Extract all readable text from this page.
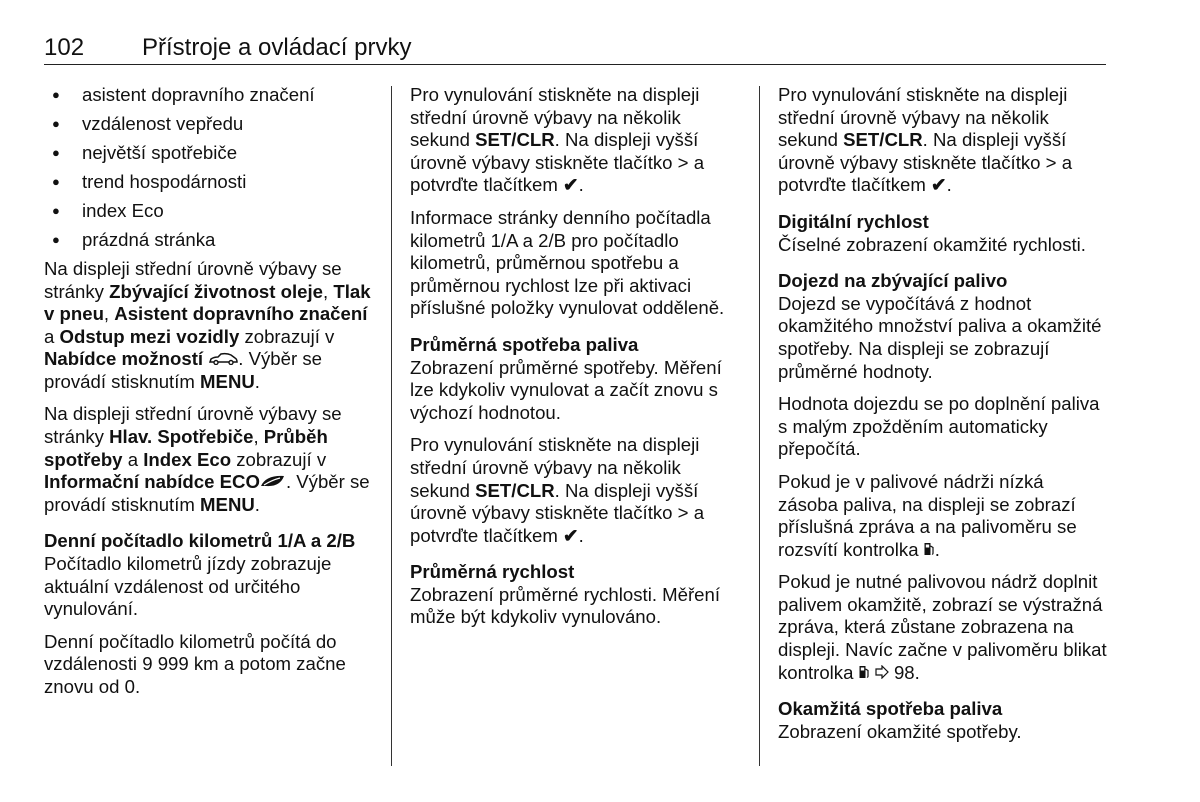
102 Přístroje a ovládací prvky
● asistent dopravního značení
● vzdálenost vepředu
● největší spotřebiče
● trend hospodárnosti
● index Eco
● prázdná stránka

Na displeji střední úrovně výbavy se stránky Zbývající životnost oleje, Tlak v pneu, Asistent dopravního značení a Odstup mezi vozidly zobrazují v Nabídce možností . Výběr se provádí stisknutím MENU.

Na displeji střední úrovně výbavy se stránky Hlav. Spotřebiče, Průběh spotřeby a Index Eco zobrazují v Informační nabídce ECO . Výběr se provádí stisknutím MENU.

Denní počítadlo kilometrů 1/A a 2/B

Počítadlo kilometrů jízdy zobrazuje aktuální vzdálenost od určitého vynulování.

Denní počítadlo kilometrů počítá do vzdálenosti 9 999 km a potom začne znovu od 0.

Pro vynulování stiskněte na displeji střední úrovně výbavy na několik sekund SET/CLR. Na displeji vyšší úrovně výbavy stiskněte tlačítko > a potvrďte tlačítkem ✔.

Informace stránky denního počítadla kilometrů 1/A a 2/B pro počítadlo kilometrů, průměrnou spotřebu a průměrnou rychlost lze při aktivaci příslušné položky vynulovat odděleně.

Průměrná spotřeba paliva

Zobrazení průměrné spotřeby. Měření lze kdykoliv vynulovat a začít znovu s výchozí hodnotou.

Pro vynulování stiskněte na displeji střední úrovně výbavy na několik sekund SET/CLR. Na displeji vyšší úrovně výbavy stiskněte tlačítko > a potvrďte tlačítkem ✔.

Průměrná rychlost

Zobrazení průměrné rychlosti. Měření může být kdykoliv vynulováno.

Pro vynulování stiskněte na displeji střední úrovně výbavy na několik sekund SET/CLR. Na displeji vyšší úrovně výbavy stiskněte tlačítko > a potvrďte tlačítkem ✔.

Digitální rychlost

Číselné zobrazení okamžité rychlosti.

Dojezd na zbývající palivo

Dojezd se vypočítává z hodnot okamžitého množství paliva a okamžité spotřeby. Na displeji se zobrazují průměrné hodnoty.

Hodnota dojezdu se po doplnění paliva s malým zpožděním automaticky přepočítá.

Pokud je v palivové nádrži nízká zásoba paliva, na displeji se zobrazí příslušná zpráva a na palivoměru se rozsvítí kontrolka .

Pokud je nutné palivovou nádrž doplnit palivem okamžitě, zobrazí se výstražná zpráva, která zůstane zobrazena na displeji. Navíc začne v palivoměru blikat kontrolka   98.

Okamžitá spotřeba paliva

Zobrazení okamžité spotřeby.
